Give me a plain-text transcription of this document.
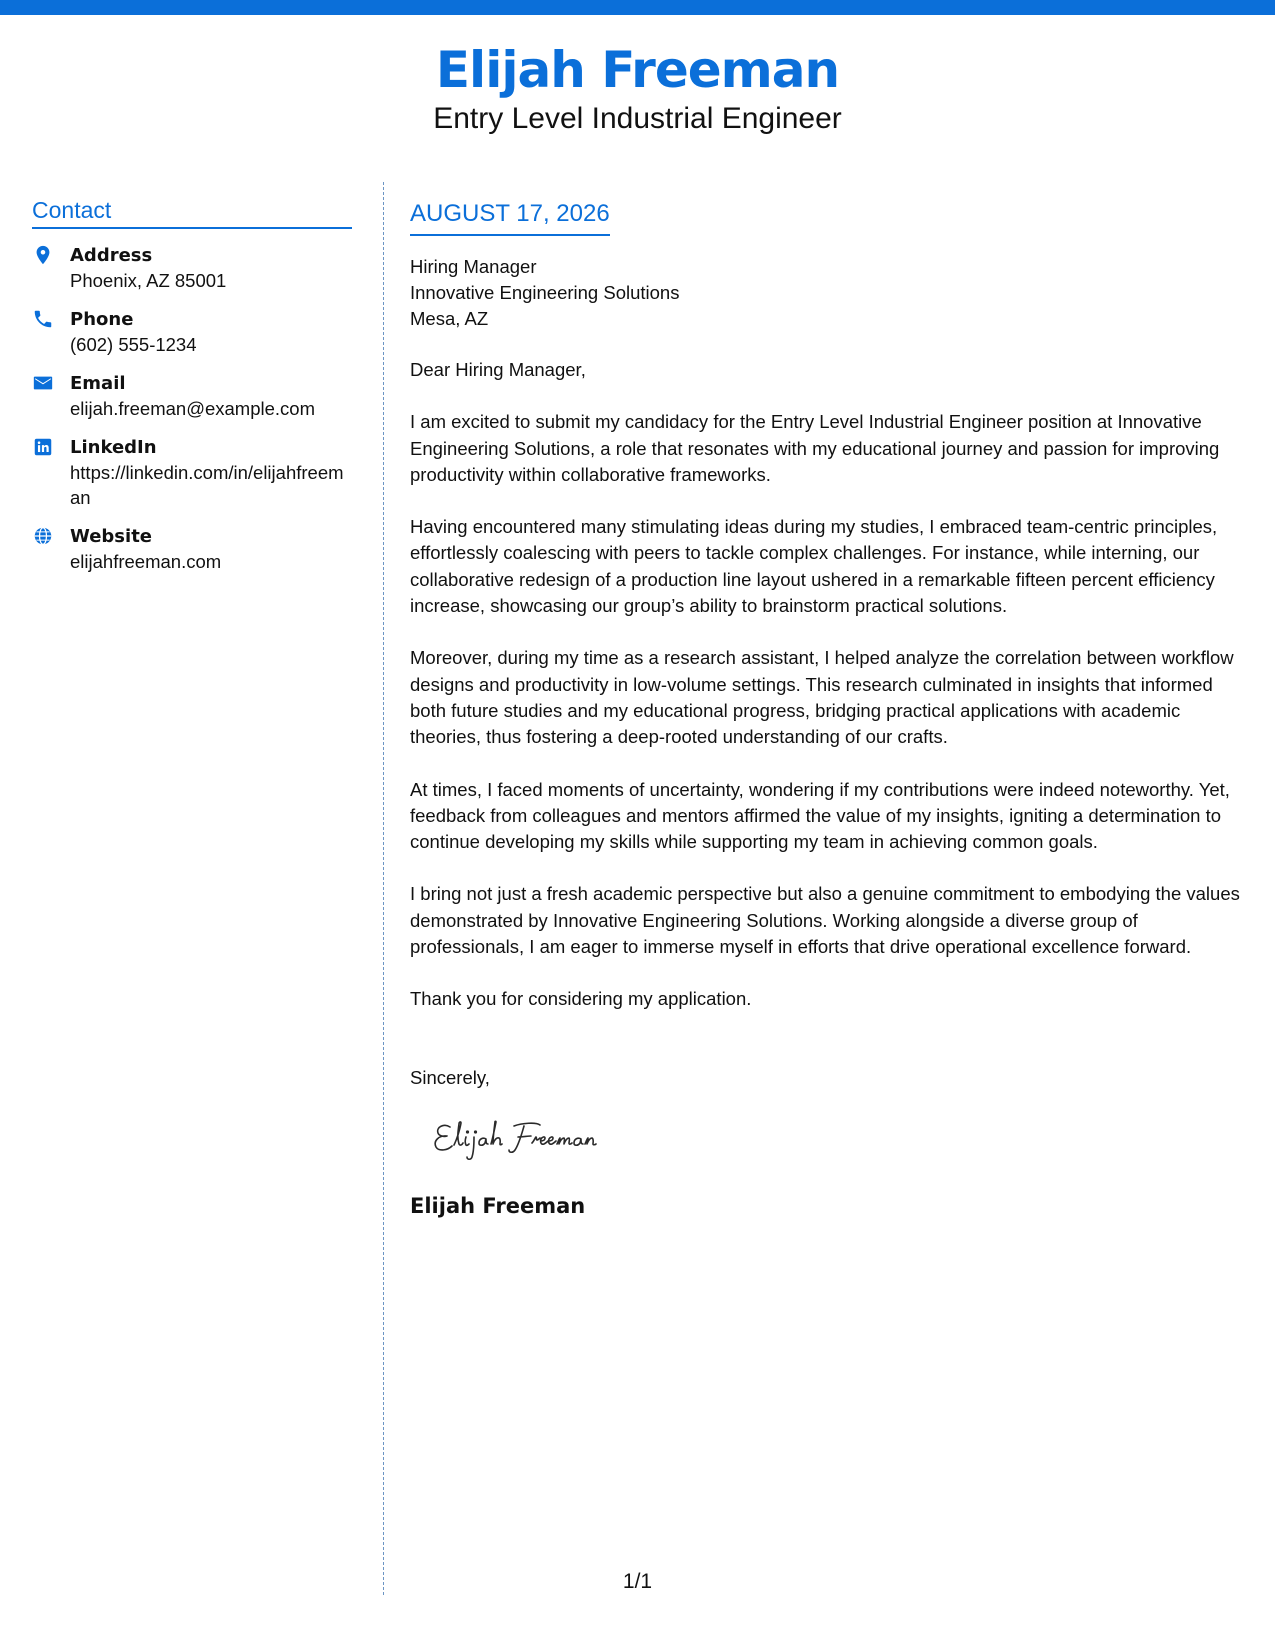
Elijah Freeman
Entry Level Industrial Engineer
Contact
Address
Phoenix, AZ 85001
Phone
(602) 555-1234
Email
elijah.freeman@example.com
LinkedIn
https://linkedin.com/in/elijahfreeman
Website
elijahfreeman.com
AUGUST 17, 2026
Hiring Manager
Innovative Engineering Solutions
Mesa, AZ

Dear Hiring Manager,

I am excited to submit my candidacy for the Entry Level Industrial Engineer position at Innovative Engineering Solutions, a role that resonates with my educational journey and passion for improving productivity within collaborative frameworks.

Having encountered many stimulating ideas during my studies, I embraced team-centric principles, effortlessly coalescing with peers to tackle complex challenges. For instance, while interning, our collaborative redesign of a production line layout ushered in a remarkable fifteen percent efficiency increase, showcasing our group’s ability to brainstorm practical solutions.

Moreover, during my time as a research assistant, I helped analyze the correlation between workflow designs and productivity in low-volume settings. This research culminated in insights that informed both future studies and my educational progress, bridging practical applications with academic theories, thus fostering a deep-rooted understanding of our crafts.

At times, I faced moments of uncertainty, wondering if my contributions were indeed noteworthy. Yet, feedback from colleagues and mentors affirmed the value of my insights, igniting a determination to continue developing my skills while supporting my team in achieving common goals.

I bring not just a fresh academic perspective but also a genuine commitment to embodying the values demonstrated by Innovative Engineering Solutions. Working alongside a diverse group of professionals, I am eager to immerse myself in efforts that drive operational excellence forward.

Thank you for considering my application.

Sincerely,
Elijah Freeman
1/1
